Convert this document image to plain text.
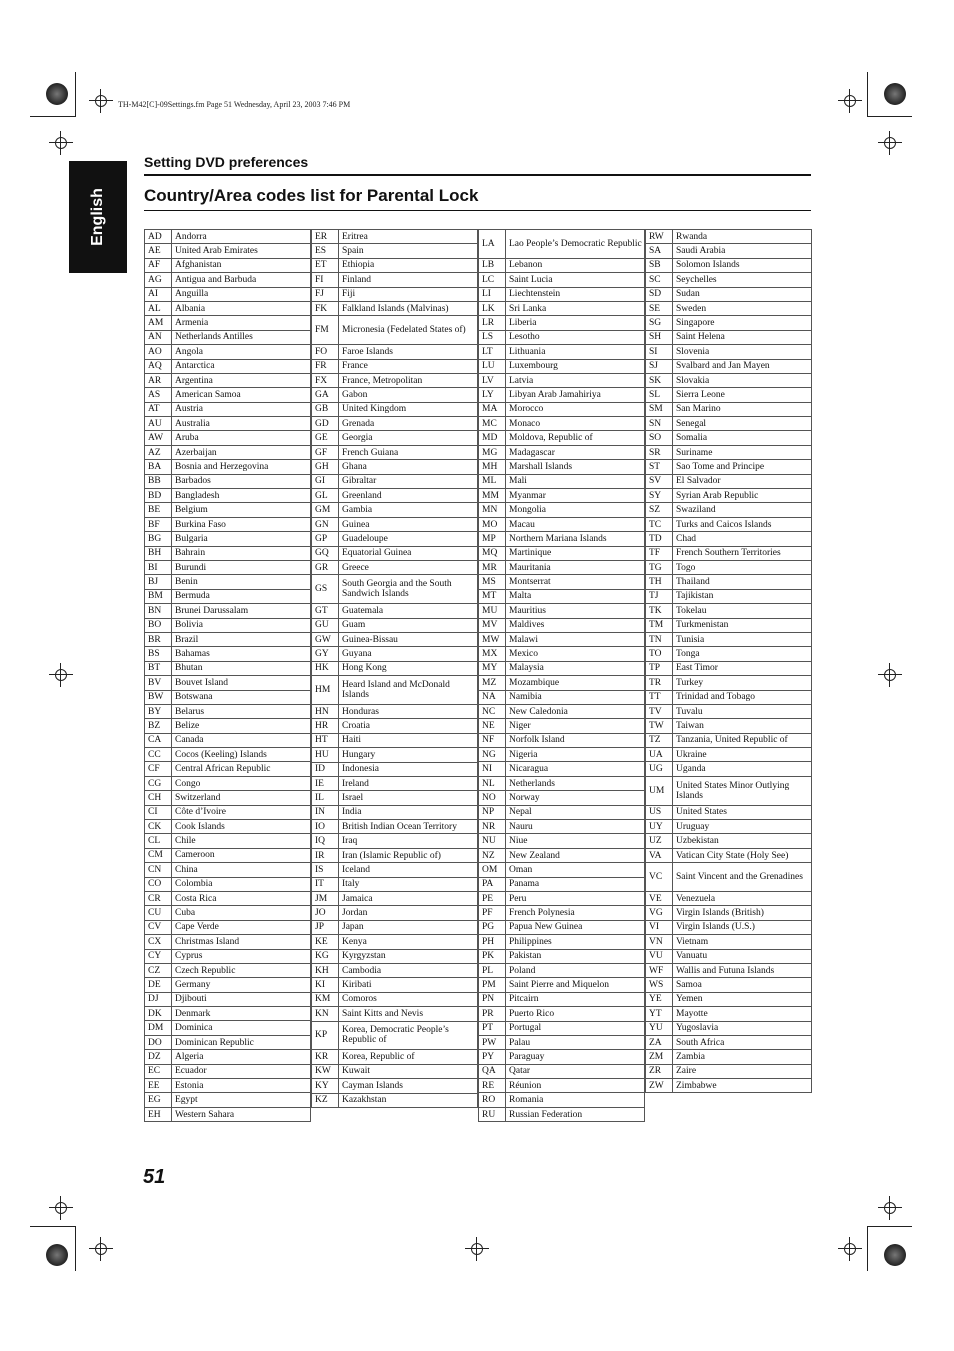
TH-M42[C]-09Settings.fm Page 51 Wednesday, April 23, 2003 7:46 PM
English
Setting DVD preferences
Country/Area codes list for Parental Lock
AD	Andorra
AE	United Arab Emirates
AF	Afghanistan
AG	Antigua and Barbuda
AI	Anguilla
AL	Albania
AM	Armenia
AN	Netherlands Antilles
AO	Angola
AQ	Antarctica
AR	Argentina
AS	American Samoa
AT	Austria
AU	Australia
AW	Aruba
AZ	Azerbaijan
BA	Bosnia and Herzegovina
BB	Barbados
BD	Bangladesh
BE	Belgium
BF	Burkina Faso
BG	Bulgaria
BH	Bahrain
BI	Burundi
BJ	Benin
BM	Bermuda
BN	Brunei Darussalam
BO	Bolivia
BR	Brazil
BS	Bahamas
BT	Bhutan
BV	Bouvet Island
BW	Botswana
BY	Belarus
BZ	Belize
CA	Canada
CC	Cocos (Keeling) Islands
CF	Central African Republic
CG	Congo
CH	Switzerland
CI	Côte d’Ivoire
CK	Cook Islands
CL	Chile
CM	Cameroon
CN	China
CO	Colombia
CR	Costa Rica
CU	Cuba
CV	Cape Verde
CX	Christmas Island
CY	Cyprus
CZ	Czech Republic
DE	Germany
DJ	Djibouti
DK	Denmark
DM	Dominica
DO	Dominican Republic
DZ	Algeria
EC	Ecuador
EE	Estonia
EG	Egypt
EH	Western Sahara
ER	Eritrea
ES	Spain
ET	Ethiopia
FI	Finland
FJ	Fiji
FK	Falkland Islands (Malvinas)
FM	Micronesia (Fedelated States of)
FO	Faroe Islands
FR	France
FX	France, Metropolitan
GA	Gabon
GB	United Kingdom
GD	Grenada
GE	Georgia
GF	French Guiana
GH	Ghana
GI	Gibraltar
GL	Greenland
GM	Gambia
GN	Guinea
GP	Guadeloupe
GQ	Equatorial Guinea
GR	Greece
GS	South Georgia and the South Sandwich Islands
GT	Guatemala
GU	Guam
GW	Guinea-Bissau
GY	Guyana
HK	Hong Kong
HM	Heard Island and McDonald Islands
HN	Honduras
HR	Croatia
HT	Haiti
HU	Hungary
ID	Indonesia
IE	Ireland
IL	Israel
IN	India
IO	British Indian Ocean Territory
IQ	Iraq
IR	Iran (Islamic Republic of)
IS	Iceland
IT	Italy
JM	Jamaica
JO	Jordan
JP	Japan
KE	Kenya
KG	Kyrgyzstan
KH	Cambodia
KI	Kiribati
KM	Comoros
KN	Saint Kitts and Nevis
KP	Korea, Democratic People’s Republic of
KR	Korea, Republic of
KW	Kuwait
KY	Cayman Islands
KZ	Kazakhstan
LA	Lao People’s Democratic Republic
LB	Lebanon
LC	Saint Lucia
LI	Liechtenstein
LK	Sri Lanka
LR	Liberia
LS	Lesotho
LT	Lithuania
LU	Luxembourg
LV	Latvia
LY	Libyan Arab Jamahiriya
MA	Morocco
MC	Monaco
MD	Moldova, Republic of
MG	Madagascar
MH	Marshall Islands
ML	Mali
MM	Myanmar
MN	Mongolia
MO	Macau
MP	Northern Mariana Islands
MQ	Martinique
MR	Mauritania
MS	Montserrat
MT	Malta
MU	Mauritius
MV	Maldives
MW	Malawi
MX	Mexico
MY	Malaysia
MZ	Mozambique
NA	Namibia
NC	New Caledonia
NE	Niger
NF	Norfolk Island
NG	Nigeria
NI	Nicaragua
NL	Netherlands
NO	Norway
NP	Nepal
NR	Nauru
NU	Niue
NZ	New Zealand
OM	Oman
PA	Panama
PE	Peru
PF	French Polynesia
PG	Papua New Guinea
PH	Philippines
PK	Pakistan
PL	Poland
PM	Saint Pierre and Miquelon
PN	Pitcairn
PR	Puerto Rico
PT	Portugal
PW	Palau
PY	Paraguay
QA	Qatar
RE	Réunion
RO	Romania
RU	Russian Federation
RW	Rwanda
SA	Saudi Arabia
SB	Solomon Islands
SC	Seychelles
SD	Sudan
SE	Sweden
SG	Singapore
SH	Saint Helena
SI	Slovenia
SJ	Svalbard and Jan Mayen
SK	Slovakia
SL	Sierra Leone
SM	San Marino
SN	Senegal
SO	Somalia
SR	Suriname
ST	Sao Tome and Principe
SV	El Salvador
SY	Syrian Arab Republic
SZ	Swaziland
TC	Turks and Caicos Islands
TD	Chad
TF	French Southern Territories
TG	Togo
TH	Thailand
TJ	Tajikistan
TK	Tokelau
TM	Turkmenistan
TN	Tunisia
TO	Tonga
TP	East Timor
TR	Turkey
TT	Trinidad and Tobago
TV	Tuvalu
TW	Taiwan
TZ	Tanzania, United Republic of
UA	Ukraine
UG	Uganda
UM	United States Minor Outlying Islands
US	United States
UY	Uruguay
UZ	Uzbekistan
VA	Vatican City State (Holy See)
VC	Saint Vincent and the Grenadines
VE	Venezuela
VG	Virgin Islands (British)
VI	Virgin Islands (U.S.)
VN	Vietnam
VU	Vanuatu
WF	Wallis and Futuna Islands
WS	Samoa
YE	Yemen
YT	Mayotte
YU	Yugoslavia
ZA	South Africa
ZM	Zambia
ZR	Zaire
ZW	Zimbabwe
51
